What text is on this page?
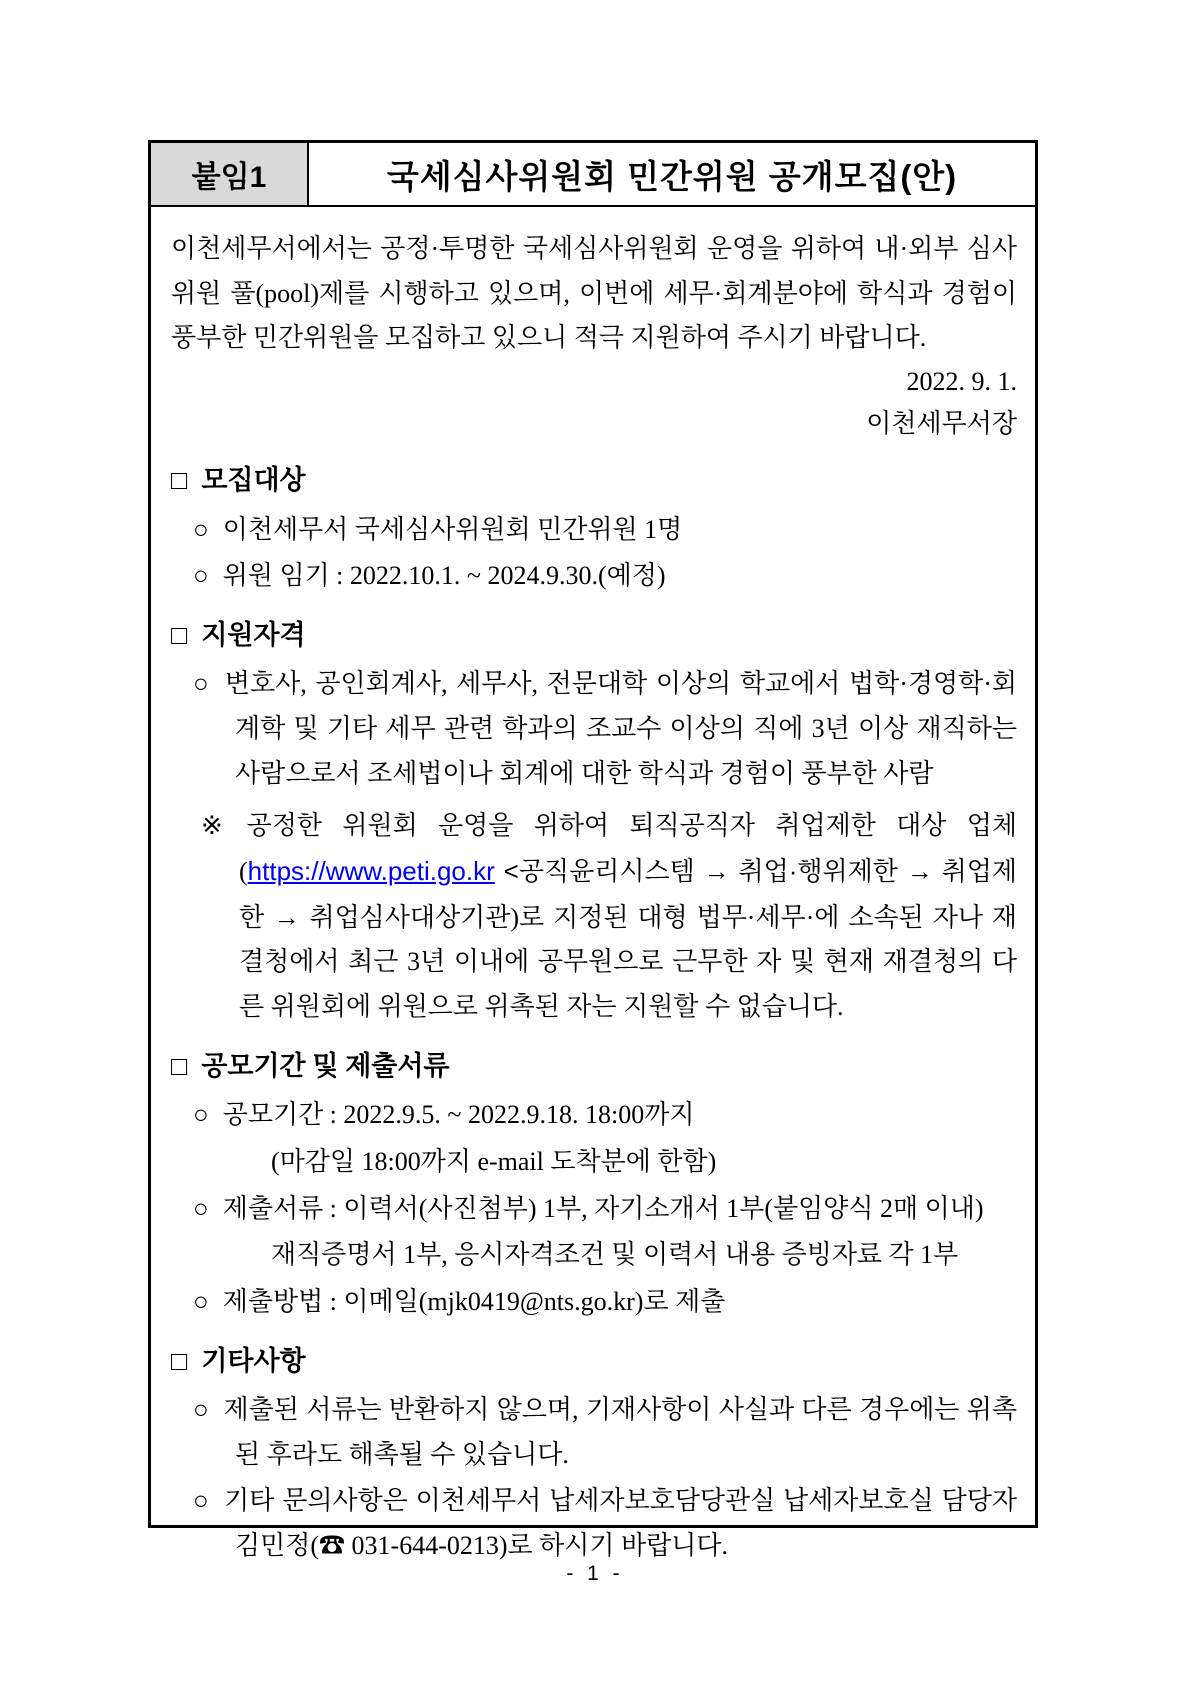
붙임1	국세심사위원회 민간위원 공개모집(안)
이천세무서에서는 공정·투명한 국세심사위원회 운영을 위하여 내·외부 심사위원 풀(pool)제를 시행하고 있으며, 이번에 세무·회계분야에 학식과 경험이 풍부한 민간위원을 모집하고 있으니 적극 지원하여 주시기 바랍니다.
2022. 9. 1.
이천세무서장
□ 모집대상
○ 이천세무서 국세심사위원회 민간위원 1명
○ 위원 임기 : 2022.10.1. ~ 2024.9.30.(예정)
□ 지원자격
○ 변호사, 공인회계사, 세무사, 전문대학 이상의 학교에서 법학·경영학·회계학 및 기타 세무 관련 학과의 조교수 이상의 직에 3년 이상 재직하는 사람으로서 조세법이나 회계에 대한 학식과 경험이 풍부한 사람
※ 공정한 위원회 운영을 위하여 퇴직공직자 취업제한 대상 업체 (https://www.peti.go.kr <공직윤리시스템 → 취업·행위제한 → 취업제한 → 취업심사대상기관)로 지정된 대형 법무·세무·에 소속된 자나 재결청에서 최근 3년 이내에 공무원으로 근무한 자 및 현재 재결청의 다른 위원회에 위원으로 위촉된 자는 지원할 수 없습니다.
□ 공모기간 및 제출서류
○ 공모기간 : 2022.9.5. ~ 2022.9.18. 18:00까지
(마감일 18:00까지 e-mail 도착분에 한함)
○ 제출서류 : 이력서(사진첨부) 1부, 자기소개서 1부(붙임양식 2매 이내)
재직증명서 1부, 응시자격조건 및 이력서 내용 증빙자료 각 1부
○ 제출방법 : 이메일(mjk0419@nts.go.kr)로 제출
□ 기타사항
○ 제출된 서류는 반환하지 않으며, 기재사항이 사실과 다른 경우에는 위촉된 후라도 해촉될 수 있습니다.
○ 기타 문의사항은 이천세무서 납세자보호담당관실 납세자보호실 담당자 김민정(☎ 031-644-0213)로 하시기 바랍니다.
- 1 -
